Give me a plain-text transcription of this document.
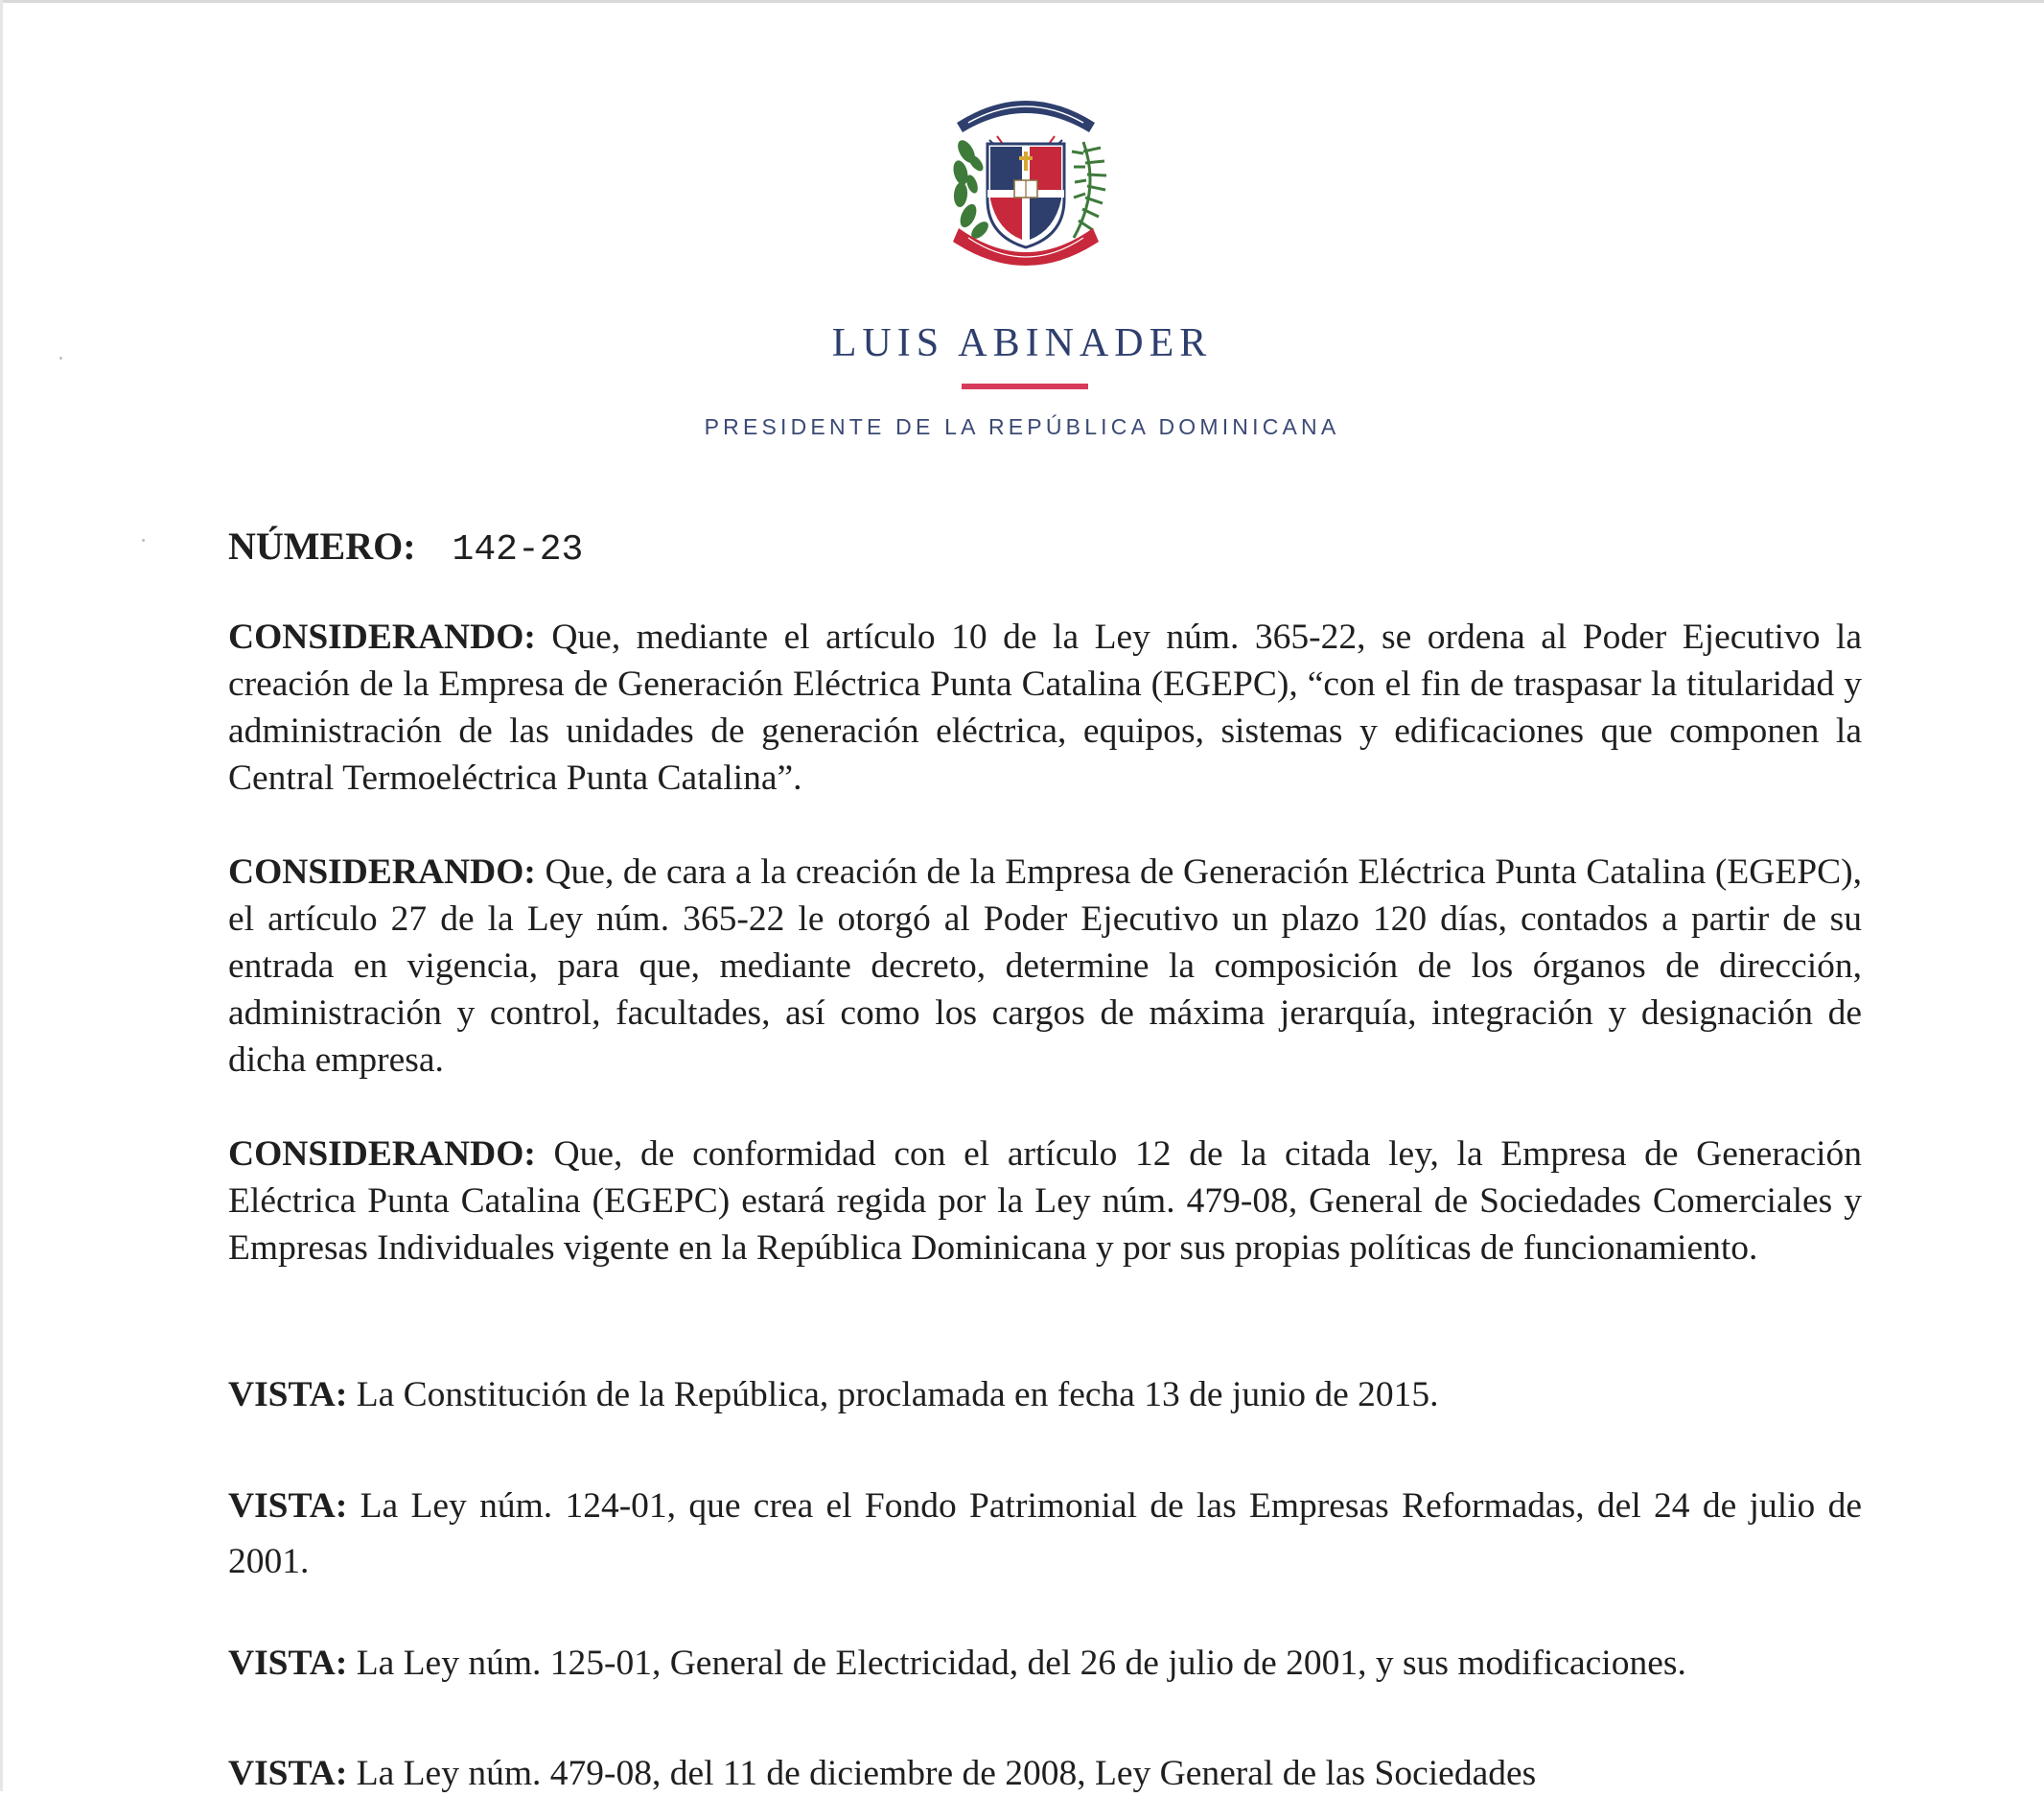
LUIS ABINADER
PRESIDENTE DE LA REPÚBLICA DOMINICANA
NÚMERO: 142-23

CONSIDERANDO: Que, mediante el artículo 10 de la Ley núm. 365-22, se ordena al Poder Ejecutivo la creación de la Empresa de Generación Eléctrica Punta Catalina (EGEPC), “con el fin de traspasar la titularidad y administración de las unidades de generación eléctrica, equipos, sistemas y edificaciones que componen la Central Termoeléctrica Punta Catalina”.

CONSIDERANDO: Que, de cara a la creación de la Empresa de Generación Eléctrica Punta Catalina (EGEPC), el artículo 27 de la Ley núm. 365-22 le otorgó al Poder Ejecutivo un plazo 120 días, contados a partir de su entrada en vigencia, para que, mediante decreto, determine la composición de los órganos de dirección, administración y control, facultades, así como los cargos de máxima jerarquía, integración y designación de dicha empresa.

CONSIDERANDO: Que, de conformidad con el artículo 12 de la citada ley, la Empresa de Generación Eléctrica Punta Catalina (EGEPC) estará regida por la Ley núm. 479-08, General de Sociedades Comerciales y Empresas Individuales vigente en la República Dominicana y por sus propias políticas de funcionamiento.

VISTA: La Constitución de la República, proclamada en fecha 13 de junio de 2015.

VISTA: La Ley núm. 124-01, que crea el Fondo Patrimonial de las Empresas Reformadas, del 24 de julio de 2001.

VISTA: La Ley núm. 125-01, General de Electricidad, del 26 de julio de 2001, y sus modificaciones.

VISTA: La Ley núm. 479-08, del 11 de diciembre de 2008, Ley General de las Sociedades
